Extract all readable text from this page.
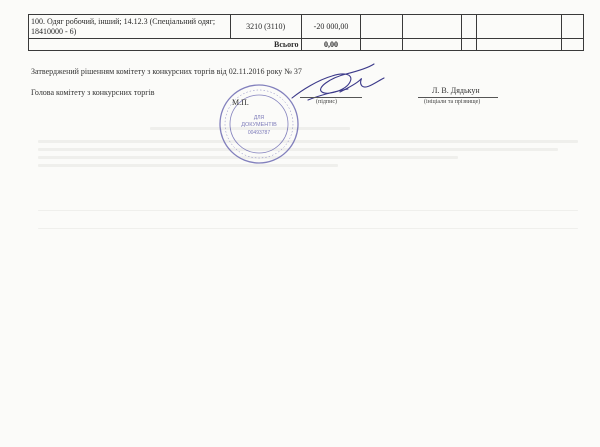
100. Одяг робочий, інший; 14.12.3 (Спеціальний одяг; 18410000 - 6)	3210 (3110)	-20 000,00					
Всього		0,00					
Затверджений рішенням комітету з конкурсних торгів від 02.11.2016 року № 37
Голова комітету з конкурсних торгів
ДЛЯ
ДОКУМЕНТІВ
00493787
М.П.	(підпис)
Л. В. Дядькун
(ініціали та прізвище)
